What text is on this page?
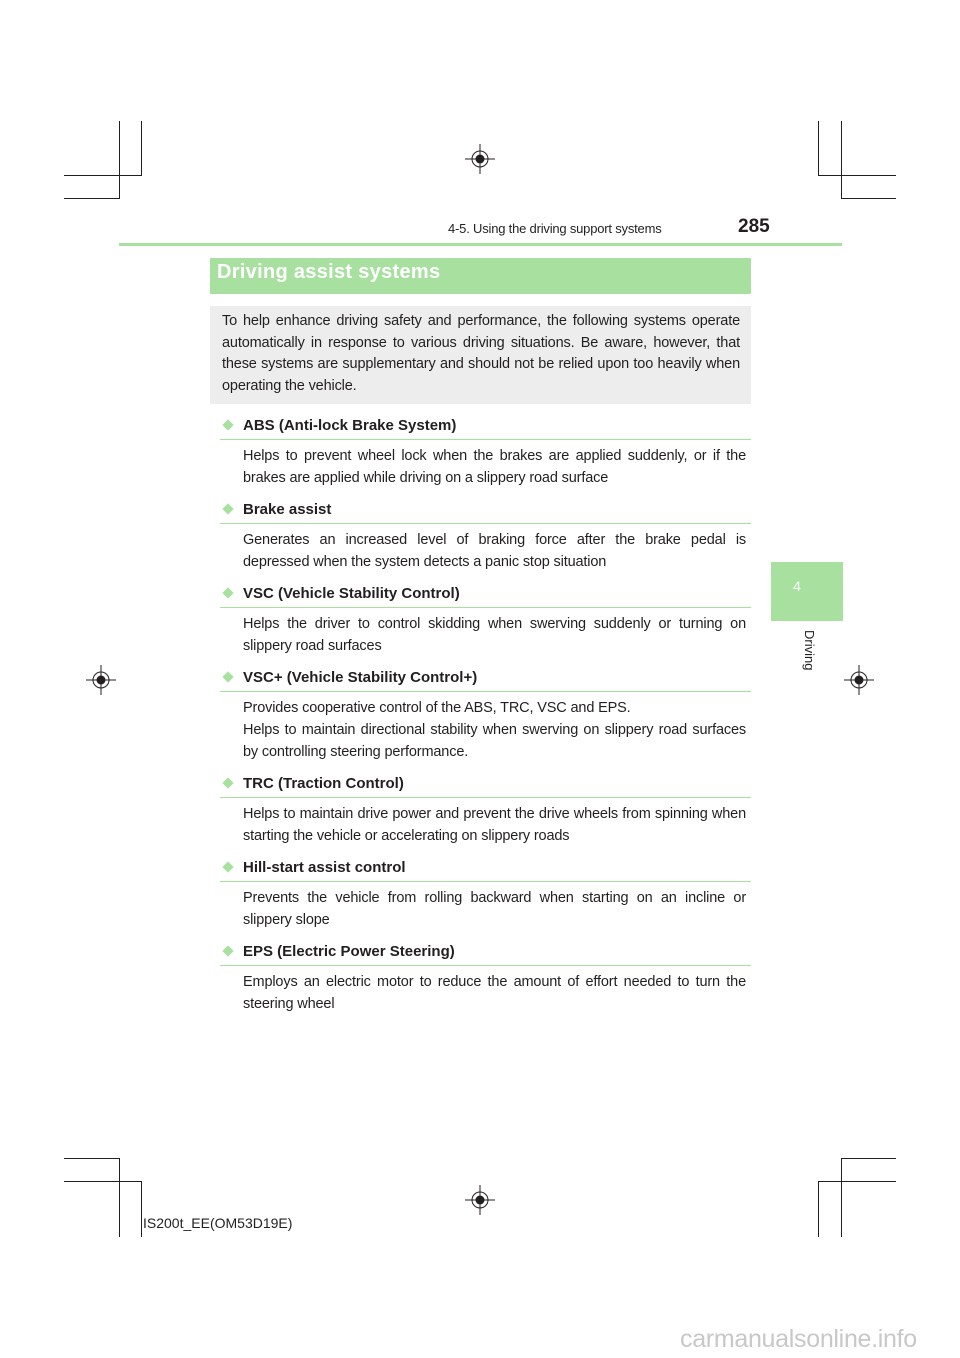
4-5. Using the driving support systems	285
4
Driving
Driving assist systems
To help enhance driving safety and performance, the following systems operate automatically in response to various driving situations. Be aware, however, that these systems are supplementary and should not be relied upon too heavily when operating the vehicle.
ABS (Anti-lock Brake System)
Helps to prevent wheel lock when the brakes are applied suddenly, or if the brakes are applied while driving on a slippery road surface
Brake assist
Generates an increased level of braking force after the brake pedal is depressed when the system detects a panic stop situation
VSC (Vehicle Stability Control)
Helps the driver to control skidding when swerving suddenly or turning on slippery road surfaces
VSC+ (Vehicle Stability Control+)
Provides cooperative control of the ABS, TRC, VSC and EPS.
Helps to maintain directional stability when swerving on slippery road surfaces by controlling steering performance.
TRC (Traction Control)
Helps to maintain drive power and prevent the drive wheels from spinning when starting the vehicle or accelerating on slippery roads
Hill-start assist control
Prevents the vehicle from rolling backward when starting on an incline or slippery slope
EPS (Electric Power Steering)
Employs an electric motor to reduce the amount of effort needed to turn the steering wheel
IS200t_EE(OM53D19E)
carmanualsonline.info
